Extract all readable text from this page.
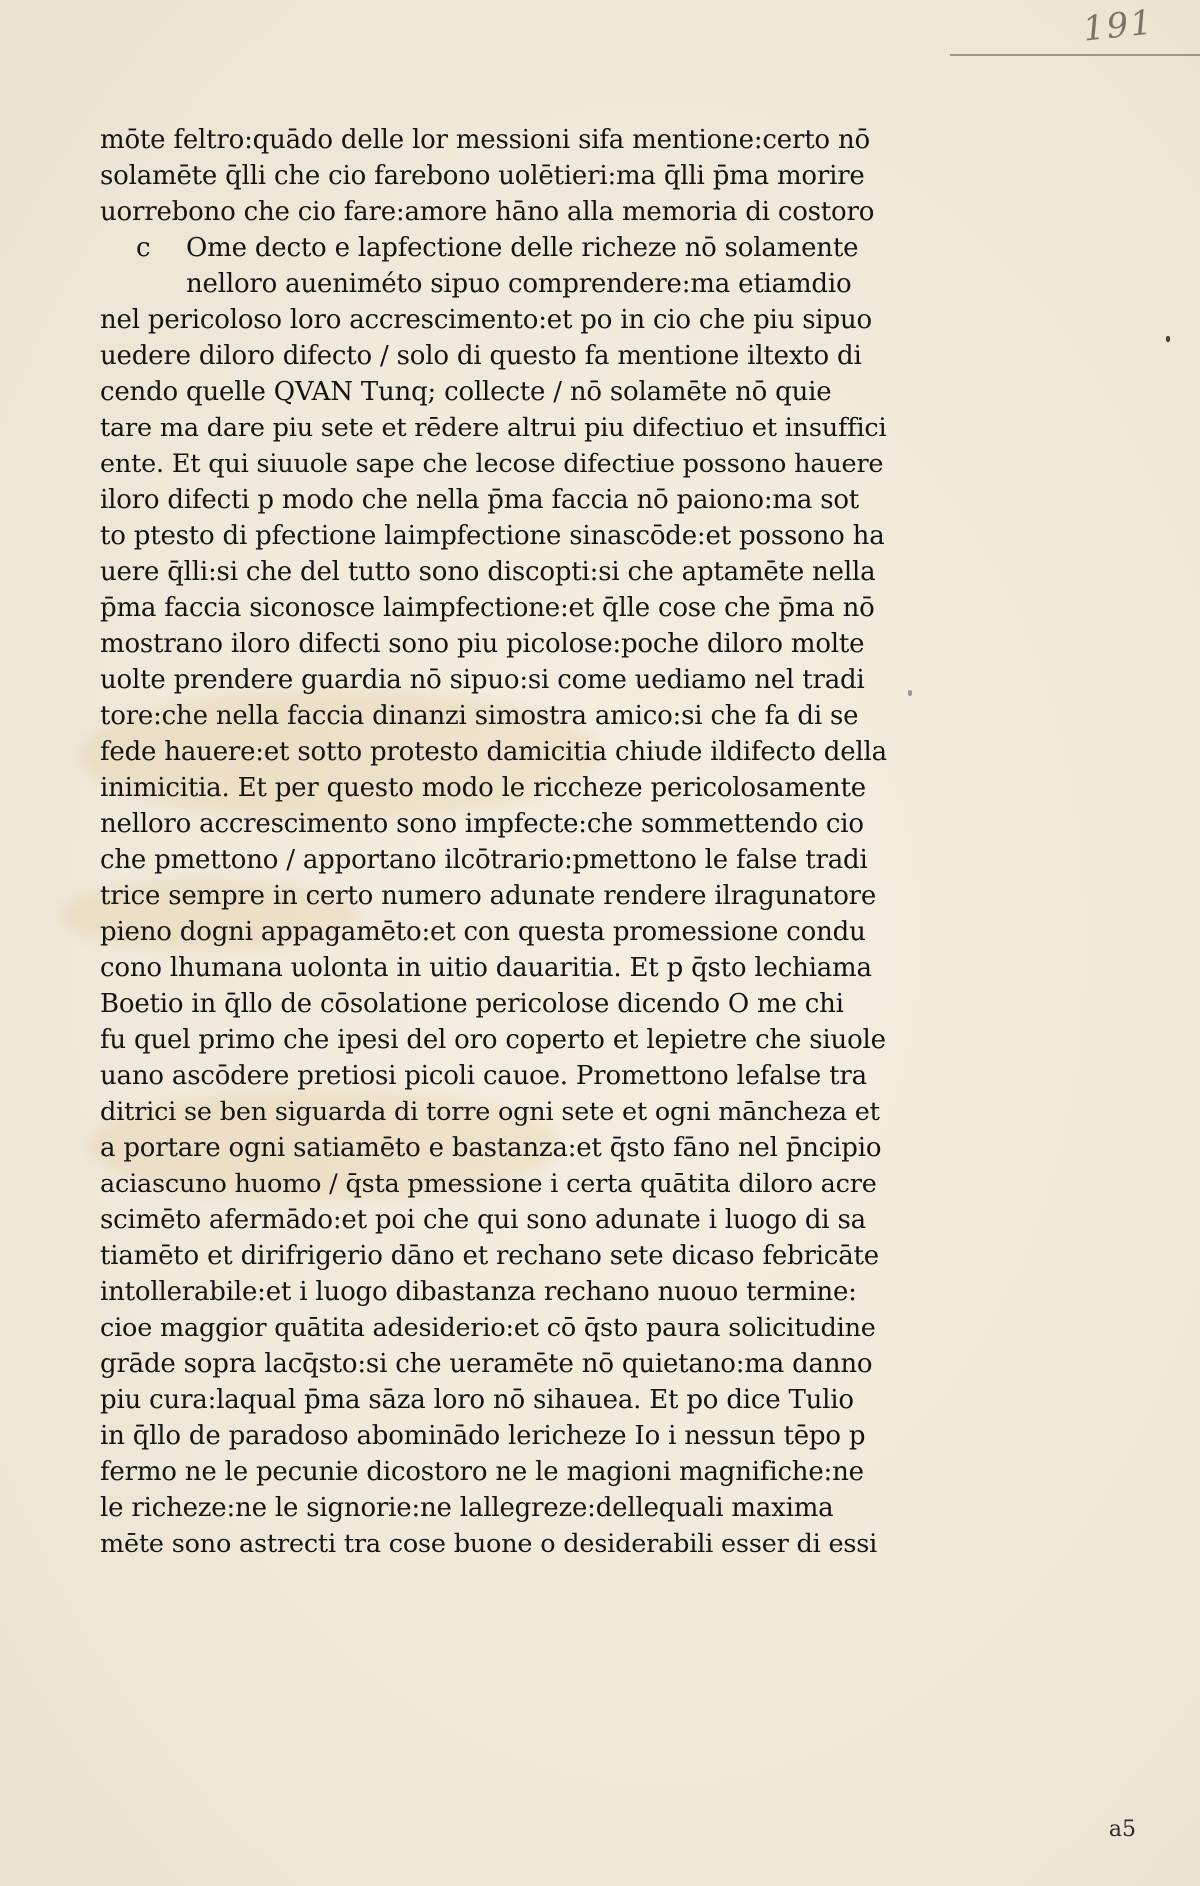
191
mōte feltro:quādo delle lor messioni sifa mentione:certo nō
solamēte q̄lli che cio farebono uolētieri:ma q̄lli p̄ma morire
uorrebono che cio fare:amore hāno alla memoria di costoro
c Ome decto e lapfectione delle richeze nō solamente
nelloro aueniméto sipuo comprendere:ma etiamdio
nel pericoloso loro accrescimento:et po in cio che piu sipuo
uedere diloro difecto / solo di questo fa mentione iltexto di
cendo quelle QVAN Tunq; collecte / nō solamēte nō quie
tare ma dare piu sete et rēdere altrui piu difectiuo et insuffici
ente. Et qui siuuole sape che lecose difectiue possono hauere
iloro difecti p modo che nella p̄ma faccia nō paiono:ma sot
to ptesto di pfectione laimpfectione sinascōde:et possono ha
uere q̄lli:si che del tutto sono discopti:si che aptamēte nella
p̄ma faccia siconosce laimpfectione:et q̄lle cose che p̄ma nō
mostrano iloro difecti sono piu picolose:poche diloro molte
uolte prendere guardia nō sipuo:si come uediamo nel tradi
tore:che nella faccia dinanzi simostra amico:si che fa di se
fede hauere:et sotto protesto damicitia chiude ildifecto della
inimicitia. Et per questo modo le ricchezе pericolosamente
nelloro accrescimento sono impfecte:che sommettendo cio
che pmettono / apportano ilcōtrario:pmettono le false tradi
trice sempre in certo numero adunate rendere ilragunatore
pieno dogni appagamēto:et con questa promessione condu
cono lhumana uolonta in uitio dauaritia. Et p q̄sto lechiama
Boetio in q̄llo de cōsolatione pericolose dicendo O me chi
fu quel primo che ipesi del oro coperto et lepietre che siuole
uano ascōdere pretiosi picoli cauoe. Promettono lefalse tra
ditrici se ben siguarda di torre ogni sete et ogni māncheza et
a portare ogni satiamēto e bastanza:et q̄sto fāno nel p̄ncipio
aciascuno huomo / q̄sta pmessione i certa quātita diloro acre
scimēto afermādo:et poi che qui sono adunate i luogo di sa
tiamēto et dirifrigerio dāno et rechano sete dicaso febricāte
intollerabile:et i luogo dibastanza rechano nuouo termine:
cioe maggior quātita adesiderio:et cō q̄sto paura solicitudine
grāde sopra lacq̄sto:si che ueramēte nō quietano:ma danno
piu cura:laqual p̄ma sāza loro nō sihauea. Et po dice Tulio
in q̄llo de paradoso abominādo lericheze Io i nessun tēpo p
fermo ne le pecunie dicostoro ne le magioni magnifiche:ne
le richeze:ne le signorie:ne lallegreze:dellequali maxima
mēte sono astrecti tra cose buone o desiderabili esser di essi
a5
